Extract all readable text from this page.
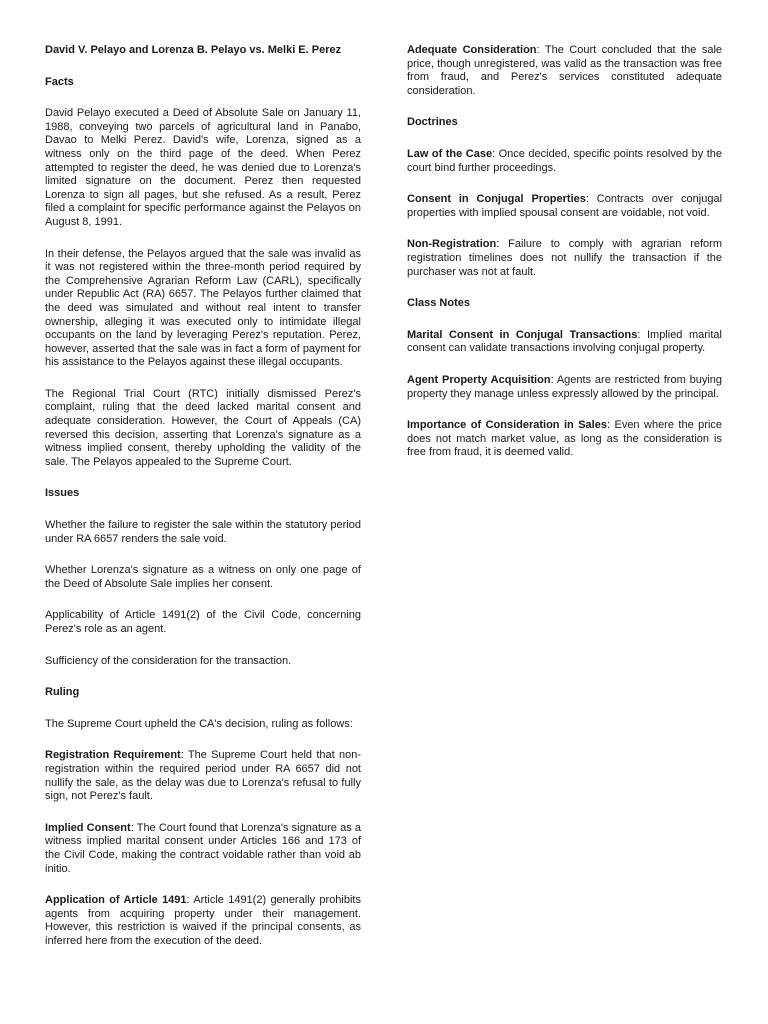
David V. Pelayo and Lorenza B. Pelayo vs. Melki E. Perez

Facts

David Pelayo executed a Deed of Absolute Sale on January 11, 1988, conveying two parcels of agricultural land in Panabo, Davao to Melki Perez. David's wife, Lorenza, signed as a witness only on the third page of the deed. When Perez attempted to register the deed, he was denied due to Lorenza's limited signature on the document. Perez then requested Lorenza to sign all pages, but she refused. As a result, Perez filed a complaint for specific performance against the Pelayos on August 8, 1991.

In their defense, the Pelayos argued that the sale was invalid as it was not registered within the three-month period required by the Comprehensive Agrarian Reform Law (CARL), specifically under Republic Act (RA) 6657. The Pelayos further claimed that the deed was simulated and without real intent to transfer ownership, alleging it was executed only to intimidate illegal occupants on the land by leveraging Perez's reputation. Perez, however, asserted that the sale was in fact a form of payment for his assistance to the Pelayos against these illegal occupants.

The Regional Trial Court (RTC) initially dismissed Perez's complaint, ruling that the deed lacked marital consent and adequate consideration. However, the Court of Appeals (CA) reversed this decision, asserting that Lorenza's signature as a witness implied consent, thereby upholding the validity of the sale. The Pelayos appealed to the Supreme Court.

Issues

Whether the failure to register the sale within the statutory period under RA 6657 renders the sale void.

Whether Lorenza's signature as a witness on only one page of the Deed of Absolute Sale implies her consent.

Applicability of Article 1491(2) of the Civil Code, concerning Perez's role as an agent.

Sufficiency of the consideration for the transaction.

Ruling

The Supreme Court upheld the CA's decision, ruling as follows:

Registration Requirement: The Supreme Court held that non-registration within the required period under RA 6657 did not nullify the sale, as the delay was due to Lorenza's refusal to fully sign, not Perez's fault.

Implied Consent: The Court found that Lorenza's signature as a witness implied marital consent under Articles 166 and 173 of the Civil Code, making the contract voidable rather than void ab initio.

Application of Article 1491: Article 1491(2) generally prohibits agents from acquiring property under their management. However, this restriction is waived if the principal consents, as inferred here from the execution of the deed.

Adequate Consideration: The Court concluded that the sale price, though unregistered, was valid as the transaction was free from fraud, and Perez's services constituted adequate consideration.

Doctrines

Law of the Case: Once decided, specific points resolved by the court bind further proceedings.

Consent in Conjugal Properties: Contracts over conjugal properties with implied spousal consent are voidable, not void.

Non-Registration: Failure to comply with agrarian reform registration timelines does not nullify the transaction if the purchaser was not at fault.

Class Notes

Marital Consent in Conjugal Transactions: Implied marital consent can validate transactions involving conjugal property.

Agent Property Acquisition: Agents are restricted from buying property they manage unless expressly allowed by the principal.

Importance of Consideration in Sales: Even where the price does not match market value, as long as the consideration is free from fraud, it is deemed valid.
